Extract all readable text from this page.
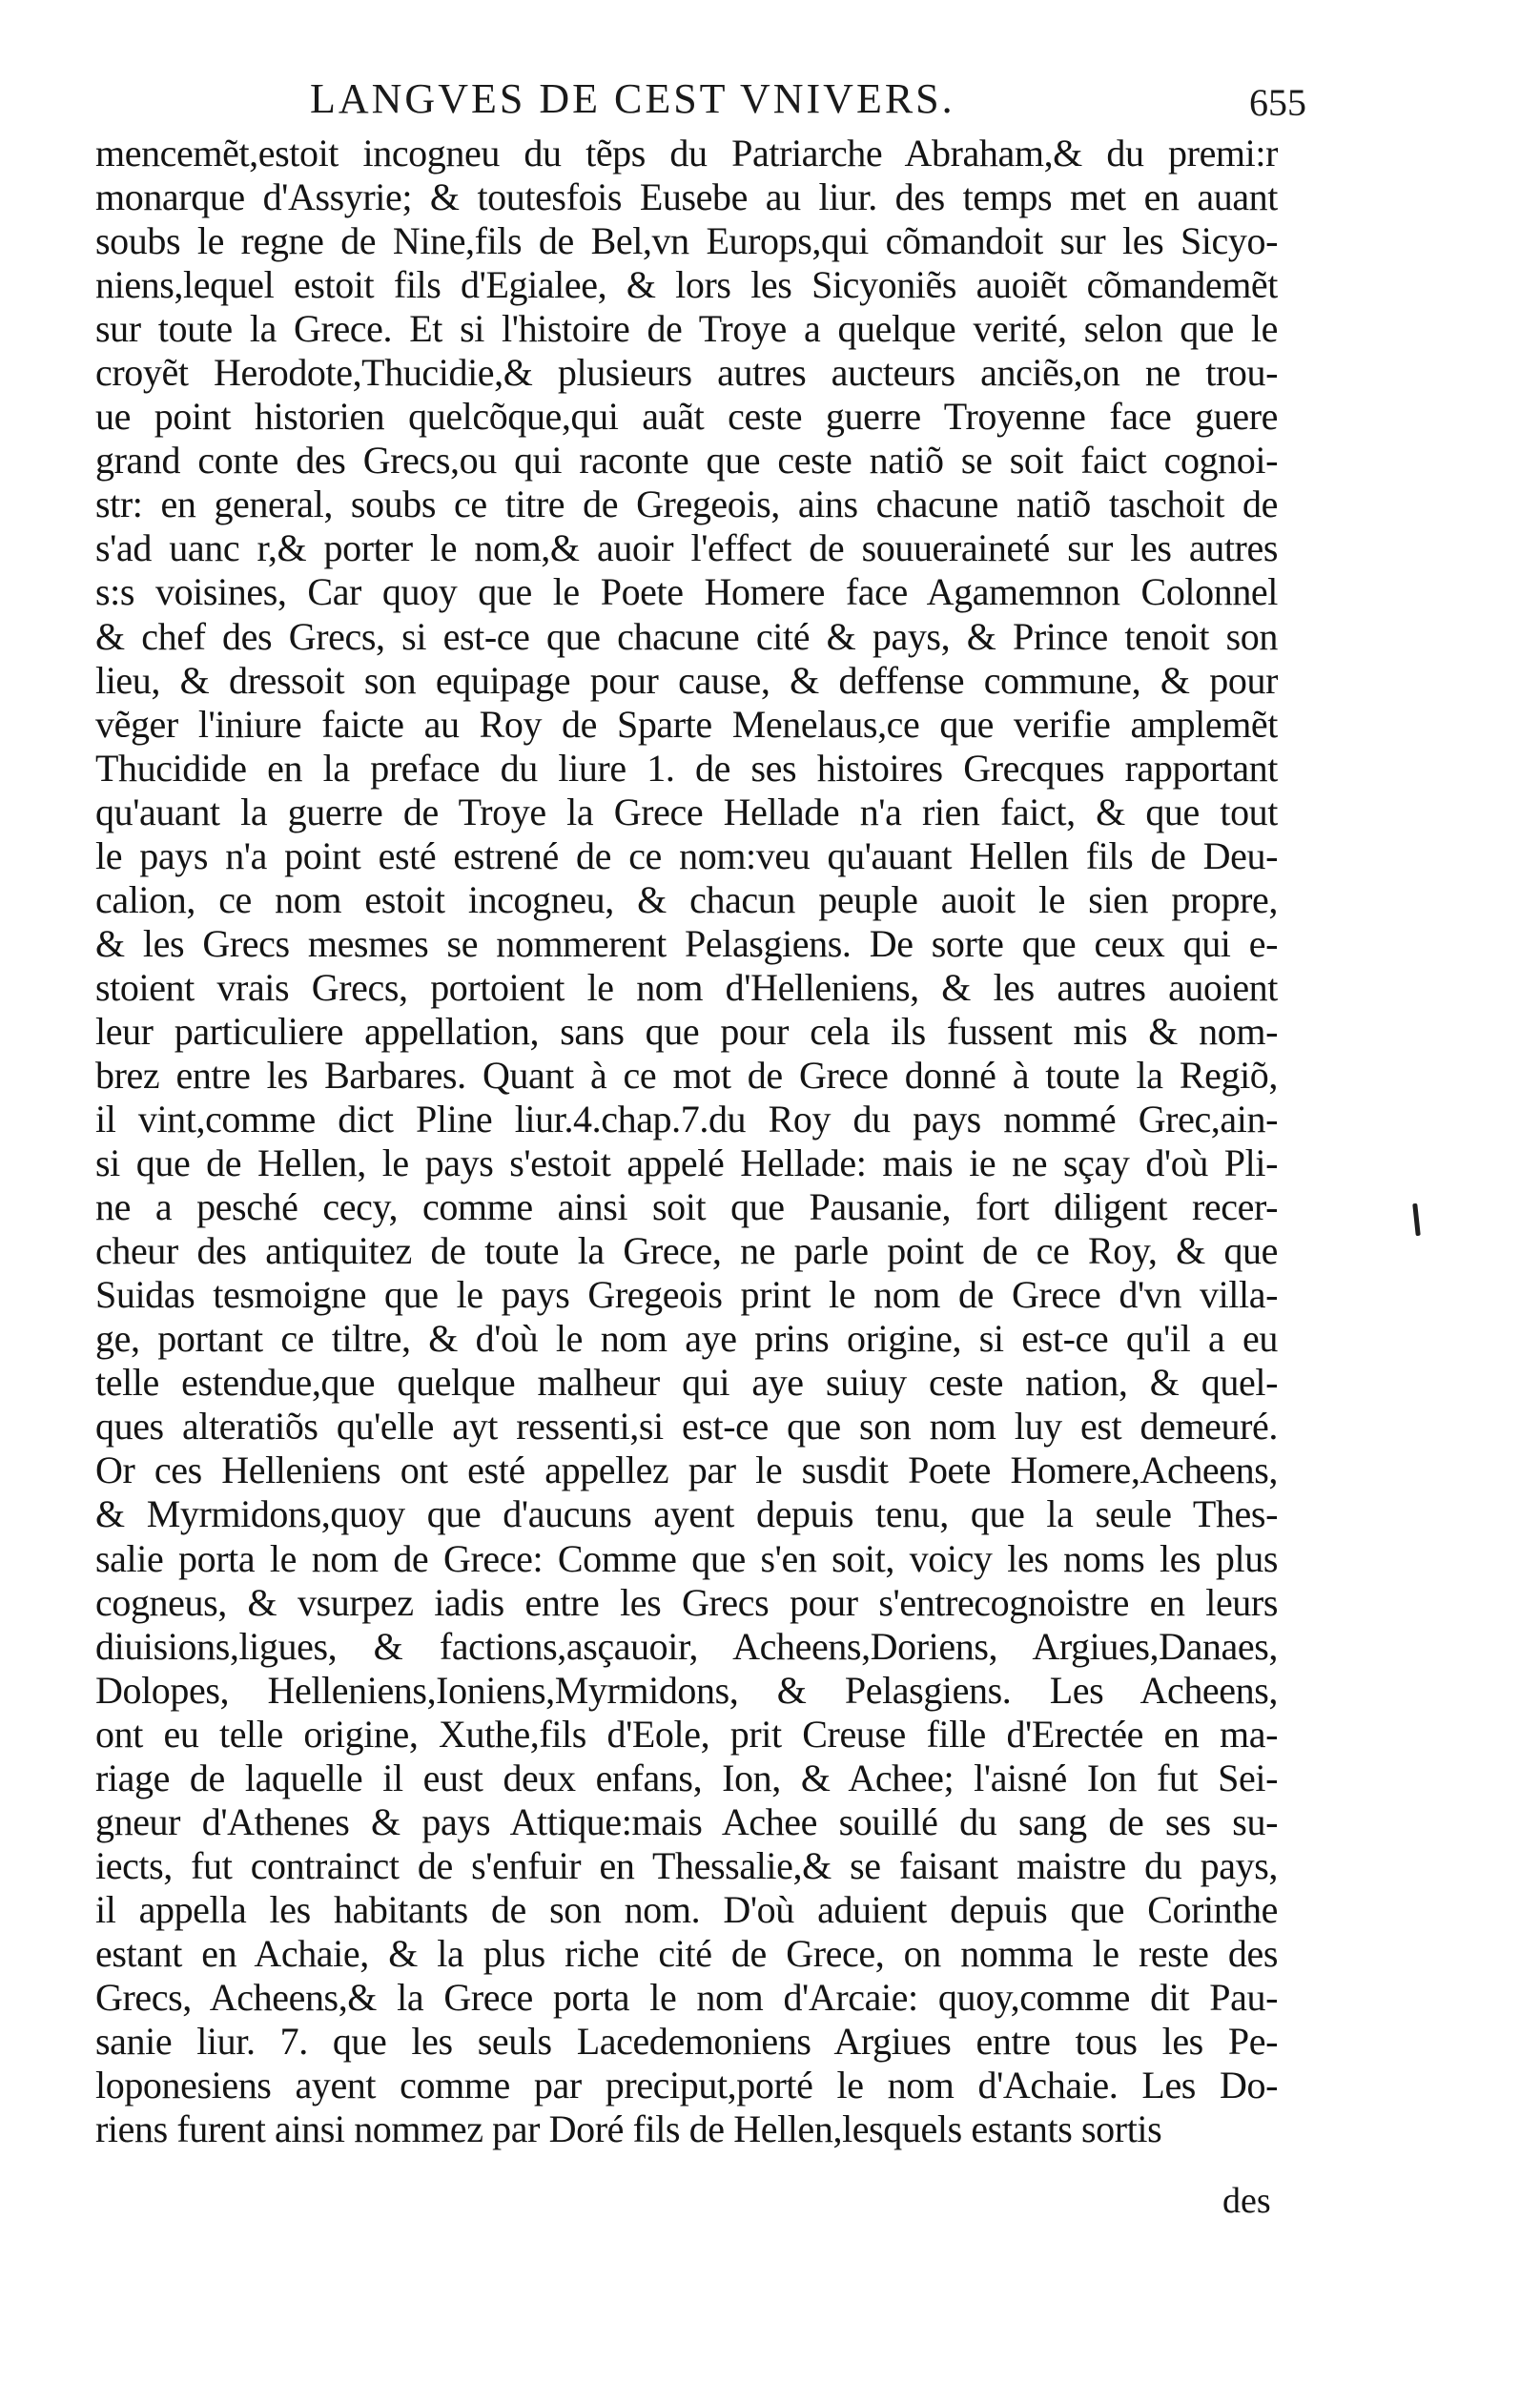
LANGVES DE CEST VNIVERS.	655
mencemẽt,estoit incogneu du tẽps du Patriarche Abraham,& du premi:r
monarque d'Assyrie; & toutesfois Eusebe au liur. des temps met en auant
soubs le regne de Nine,fils de Bel,vn Europs,qui cõmandoit sur les Sicyo-
niens,lequel estoit fils d'Egialee, & lors les Sicyoniẽs auoiẽt cõmandemẽt
sur toute la Grece. Et si l'histoire de Troye a quelque verité, selon que le
croyẽt Herodote,Thucidie,& plusieurs autres aucteurs anciẽs,on ne trou-
ue point historien quelcõque,qui auãt ceste guerre Troyenne face guere
grand conte des Grecs,ou qui raconte que ceste natiõ se soit faict cognoi-
str: en general, soubs ce titre de Gregeois, ains chacune natiõ taschoit de
s'ad uanc r,& porter le nom,& auoir l'effect de souueraineté sur les autres
s:s voisines, Car quoy que le Poete Homere face Agamemnon Colonnel
& chef des Grecs, si est-ce que chacune cité & pays, & Prince tenoit son
lieu, & dressoit son equipage pour cause, & deffense commune, & pour
vẽger l'iniure faicte au Roy de Sparte Menelaus,ce que verifie amplemẽt
Thucidide en la preface du liure 1. de ses histoires Grecques rapportant
qu'auant la guerre de Troye la Grece Hellade n'a rien faict, & que tout
le pays n'a point esté estrené de ce nom:veu qu'auant Hellen fils de Deu-
calion, ce nom estoit incogneu, & chacun peuple auoit le sien propre,
& les Grecs mesmes se nommerent Pelasgiens. De sorte que ceux qui e-
stoient vrais Grecs, portoient le nom d'Helleniens, & les autres auoient
leur particuliere appellation, sans que pour cela ils fussent mis & nom-
brez entre les Barbares. Quant à ce mot de Grece donné à toute la Regiõ,
il vint,comme dict Pline liur.4.chap.7.du Roy du pays nommé Grec,ain-
si que de Hellen, le pays s'estoit appelé Hellade: mais ie ne sçay d'où Pli-
ne a pesché cecy, comme ainsi soit que Pausanie, fort diligent recer-
cheur des antiquitez de toute la Grece, ne parle point de ce Roy, & que
Suidas tesmoigne que le pays Gregeois print le nom de Grece d'vn villa-
ge, portant ce tiltre, & d'où le nom aye prins origine, si est-ce qu'il a eu
telle estendue,que quelque malheur qui aye suiuy ceste nation, & quel-
ques alteratiõs qu'elle ayt ressenti,si est-ce que son nom luy est demeuré.
Or ces Helleniens ont esté appellez par le susdit Poete Homere,Acheens,
& Myrmidons,quoy que d'aucuns ayent depuis tenu, que la seule Thes-
salie porta le nom de Grece: Comme que s'en soit, voicy les noms les plus
cogneus, & vsurpez iadis entre les Grecs pour s'entrecognoistre en leurs
diuisions,ligues, & factions,asçauoir, Acheens,Doriens, Argiues,Danaes,
Dolopes, Helleniens,Ioniens,Myrmidons, & Pelasgiens. Les Acheens,
ont eu telle origine, Xuthe,fils d'Eole, prit Creuse fille d'Erectée en ma-
riage de laquelle il eust deux enfans, Ion, & Achee; l'aisné Ion fut Sei-
gneur d'Athenes & pays Attique:mais Achee souillé du sang de ses su-
iects, fut contrainct de s'enfuir en Thessalie,& se faisant maistre du pays,
il appella les habitants de son nom. D'où aduient depuis que Corinthe
estant en Achaie, & la plus riche cité de Grece, on nomma le reste des
Grecs, Acheens,& la Grece porta le nom d'Arcaie: quoy,comme dit Pau-
sanie liur. 7. que les seuls Lacedemoniens Argiues entre tous les Pe-
loponesiens ayent comme par preciput,porté le nom d'Achaie. Les Do-
riens furent ainsi nommez par Doré fils de Hellen,lesquels estants sortis
des
